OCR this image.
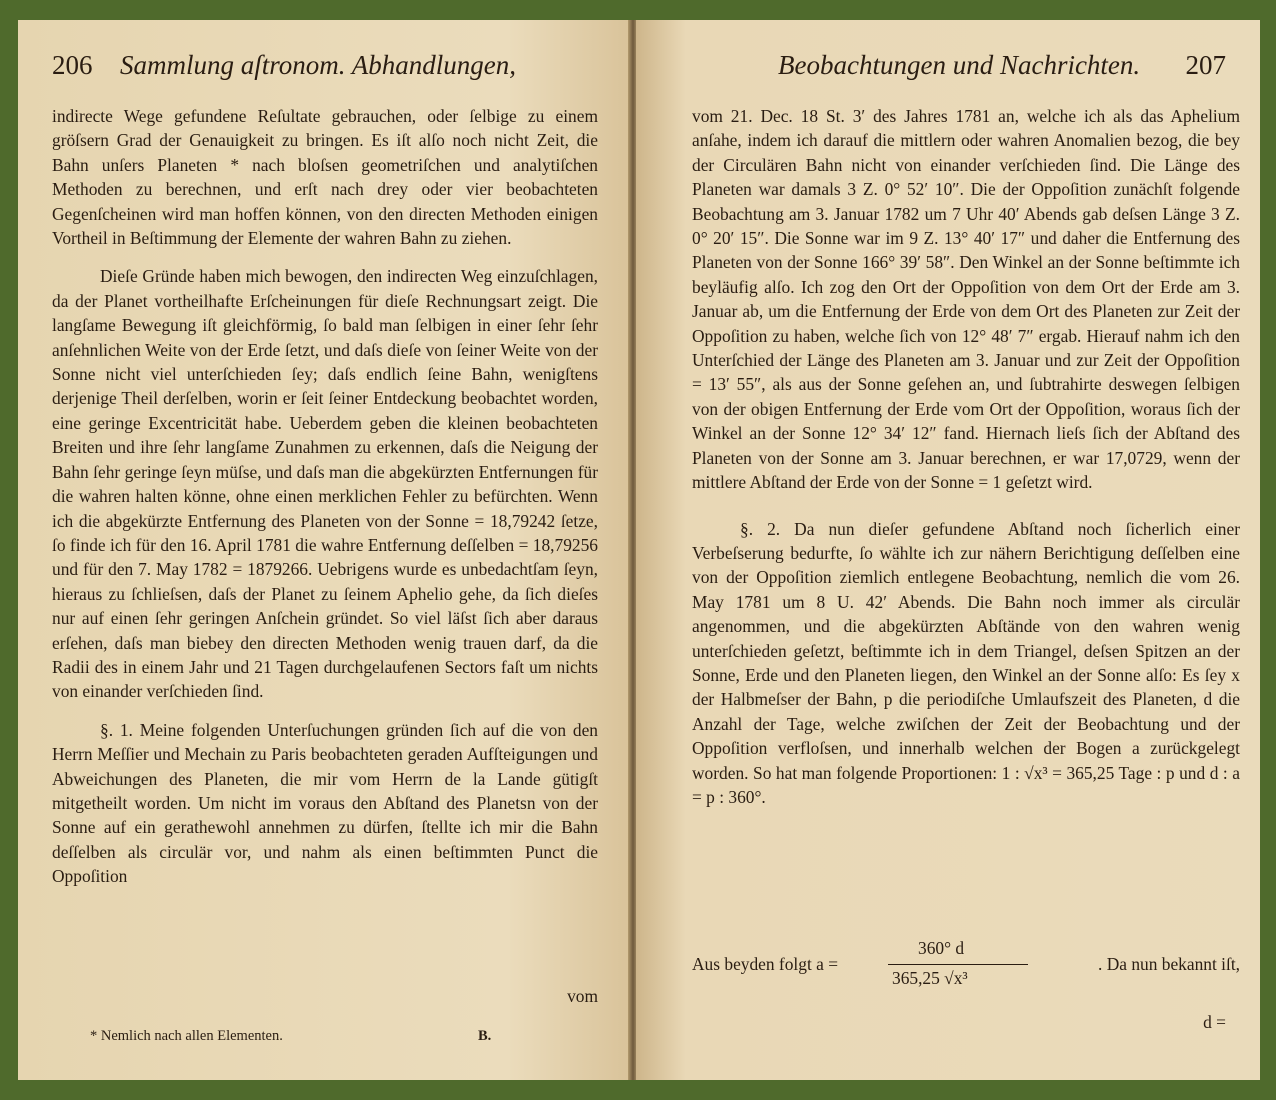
206 Sammlung aſtronom. Abhandlungen,

indirecte Wege gefundene Reſultate gebrauchen, oder ſelbige zu einem gröſsern Grad der Genauigkeit zu bringen. Es iſt alſo noch nicht Zeit, die Bahn unſers Planeten * nach bloſsen geometriſchen und analytiſchen Methoden zu berechnen, und erſt nach drey oder vier beobachteten Gegenſcheinen wird man hoffen können, von den directen Methoden einigen Vortheil in Beſtimmung der Elemente der wahren Bahn zu ziehen.

Dieſe Gründe haben mich bewogen, den indirecten Weg einzuſchlagen, da der Planet vortheilhafte Erſcheinungen für dieſe Rechnungsart zeigt. Die langſame Bewegung iſt gleichförmig, ſo bald man ſelbigen in einer ſehr ſehr anſehnlichen Weite von der Erde ſetzt, und daſs dieſe von ſeiner Weite von der Sonne nicht viel unterſchieden ſey; daſs endlich ſeine Bahn, wenigſtens derjenige Theil derſelben, worin er ſeit ſeiner Entdeckung beobachtet worden, eine geringe Excentricität habe. Ueberdem geben die kleinen beobachteten Breiten und ihre ſehr langſame Zunahmen zu erkennen, daſs die Neigung der Bahn ſehr geringe ſeyn müſse, und daſs man die abgekürzten Entfernungen für die wahren halten könne, ohne einen merklichen Fehler zu befürchten. Wenn ich die abgekürzte Entfernung des Planeten von der Sonne = 18,79242 ſetze, ſo finde ich für den 16. April 1781 die wahre Entfernung deſſelben = 18,79256 und für den 7. May 1782 = 1879266. Uebrigens wurde es unbedachtſam ſeyn, hieraus zu ſchlieſsen, daſs der Planet zu ſeinem Aphelio gehe, da ſich dieſes nur auf einen ſehr geringen Anſchein gründet. So viel läſst ſich aber daraus erſehen, daſs man biebey den directen Methoden wenig trauen darf, da die Radii des in einem Jahr und 21 Tagen durchgelaufenen Sectors faſt um nichts von einander verſchieden ſind.

§. 1. Meine folgenden Unterſuchungen gründen ſich auf die von den Herrn Meſſier und Mechain zu Paris beobachteten geraden Aufſteigungen und Abweichungen des Planeten, die mir vom Herrn de la Lande gütigſt mitgetheilt worden. Um nicht im voraus den Abſtand des Planetsn von der Sonne auf ein gerathewohl annehmen zu dürfen, ſtellte ich mir die Bahn deſſelben als circulär vor, und nahm als einen beſtimmten Punct die Oppoſition

vom
* Nemlich nach allen Elementen.	B.
Beobachtungen und Nachrichten. 207

vom 21. Dec. 18 St. 3′ des Jahres 1781 an, welche ich als das Aphelium anſahe, indem ich darauf die mittlern oder wahren Anomalien bezog, die bey der Circulären Bahn nicht von einander verſchieden ſind. Die Länge des Planeten war damals 3 Z. 0° 52′ 10″. Die der Oppoſition zunächſt folgende Beobachtung am 3. Januar 1782 um 7 Uhr 40′ Abends gab deſsen Länge 3 Z. 0° 20′ 15″. Die Sonne war im 9 Z. 13° 40′ 17″ und daher die Entfernung des Planeten von der Sonne 166° 39′ 58″. Den Winkel an der Sonne beſtimmte ich beyläufig alſo. Ich zog den Ort der Oppoſition von dem Ort der Erde am 3. Januar ab, um die Entfernung der Erde von dem Ort des Planeten zur Zeit der Oppoſition zu haben, welche ſich von 12° 48′ 7″ ergab. Hierauf nahm ich den Unterſchied der Länge des Planeten am 3. Januar und zur Zeit der Oppoſition = 13′ 55″, als aus der Sonne geſehen an, und ſubtrahirte deswegen ſelbigen von der obigen Entfernung der Erde vom Ort der Oppoſition, woraus ſich der Winkel an der Sonne 12° 34′ 12″ fand. Hiernach lieſs ſich der Abſtand des Planeten von der Sonne am 3. Januar berechnen, er war 17,0729, wenn der mittlere Abſtand der Erde von der Sonne = 1 geſetzt wird.

§. 2. Da nun dieſer gefundene Abſtand noch ſicherlich einer Verbeſserung bedurfte, ſo wählte ich zur nähern Berichtigung deſſelben eine von der Oppoſition ziemlich entlegene Beobachtung, nemlich die vom 26. May 1781 um 8 U. 42′ Abends. Die Bahn noch immer als circulär angenommen, und die abgekürzten Abſtände von den wahren wenig unterſchieden geſetzt, beſtimmte ich in dem Triangel, deſsen Spitzen an der Sonne, Erde und den Planeten liegen, den Winkel an der Sonne alſo: Es ſey x der Halbmeſser der Bahn, p die periodiſche Umlaufszeit des Planeten, d die Anzahl der Tage, welche zwiſchen der Zeit der Beobachtung und der Oppoſition verfloſsen, und innerhalb welchen der Bogen a zurückgelegt worden. So hat man folgende Proportionen: 1 : √x³ = 365,25 Tage : p und d : a = p : 360°.

Aus beyden folgt a =
360° d
365,25 √x³
. Da nun bekannt iſt,
d =
